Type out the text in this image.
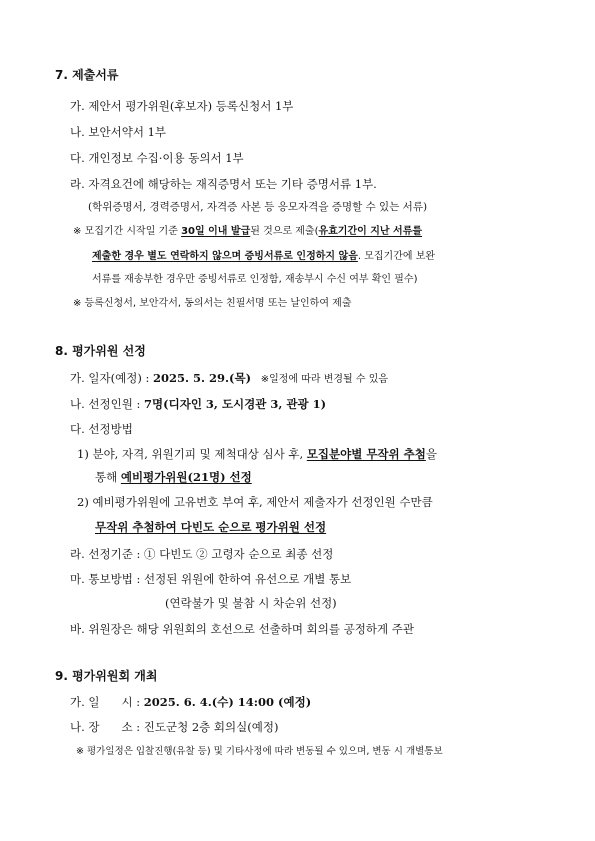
7. 제출서류
가. 제안서 평가위원(후보자) 등록신청서 1부
나. 보안서약서 1부
다. 개인정보 수집·이용 동의서 1부
라. 자격요건에 해당하는 재직증명서 또는 기타 증명서류 1부.
(학위증명서, 경력증명서, 자격증 사본 등 응모자격을 증명할 수 있는 서류)
※ 모집기간 시작일 기준 30일 이내 발급된 것으로 제출(유효기간이 지난 서류를
제출한 경우 별도 연락하지 않으며 증빙서류로 인정하지 않음. 모집기간에 보완
서류를 재송부한 경우만 증빙서류로 인정함, 재송부시 수신 여부 확인 필수)
※ 등록신청서, 보안각서, 동의서는 친필서명 또는 날인하여 제출
8. 평가위원 선정
가. 일자(예정) : 2025. 5. 29.(목) ※일정에 따라 변경될 수 있음
나. 선정인원 : 7명(디자인 3, 도시경관 3, 관광 1)
다. 선정방법
1) 분야, 자격, 위원기피 및 제척대상 심사 후, 모집분야별 무작위 추첨을
통해 예비평가위원(21명) 선정
2) 예비평가위원에 고유번호 부여 후, 제안서 제출자가 선정인원 수만큼
무작위 추첨하여 다빈도 순으로 평가위원 선정
라. 선정기준 : ① 다빈도 ② 고령자 순으로 최종 선정
마. 통보방법 : 선정된 위원에 한하여 유선으로 개별 통보
(연락불가 및 불참 시 차순위 선정)
바. 위원장은 해당 위원회의 호선으로 선출하며 회의를 공정하게 주관
9. 평가위원회 개최
가. 일      시 : 2025. 6. 4.(수) 14:00 (예정)
나. 장      소 : 진도군청 2층 회의실(예정)
※ 평가일정은 입찰진행(유찰 등) 및 기타사정에 따라 변동될 수 있으며, 변동 시 개별통보
